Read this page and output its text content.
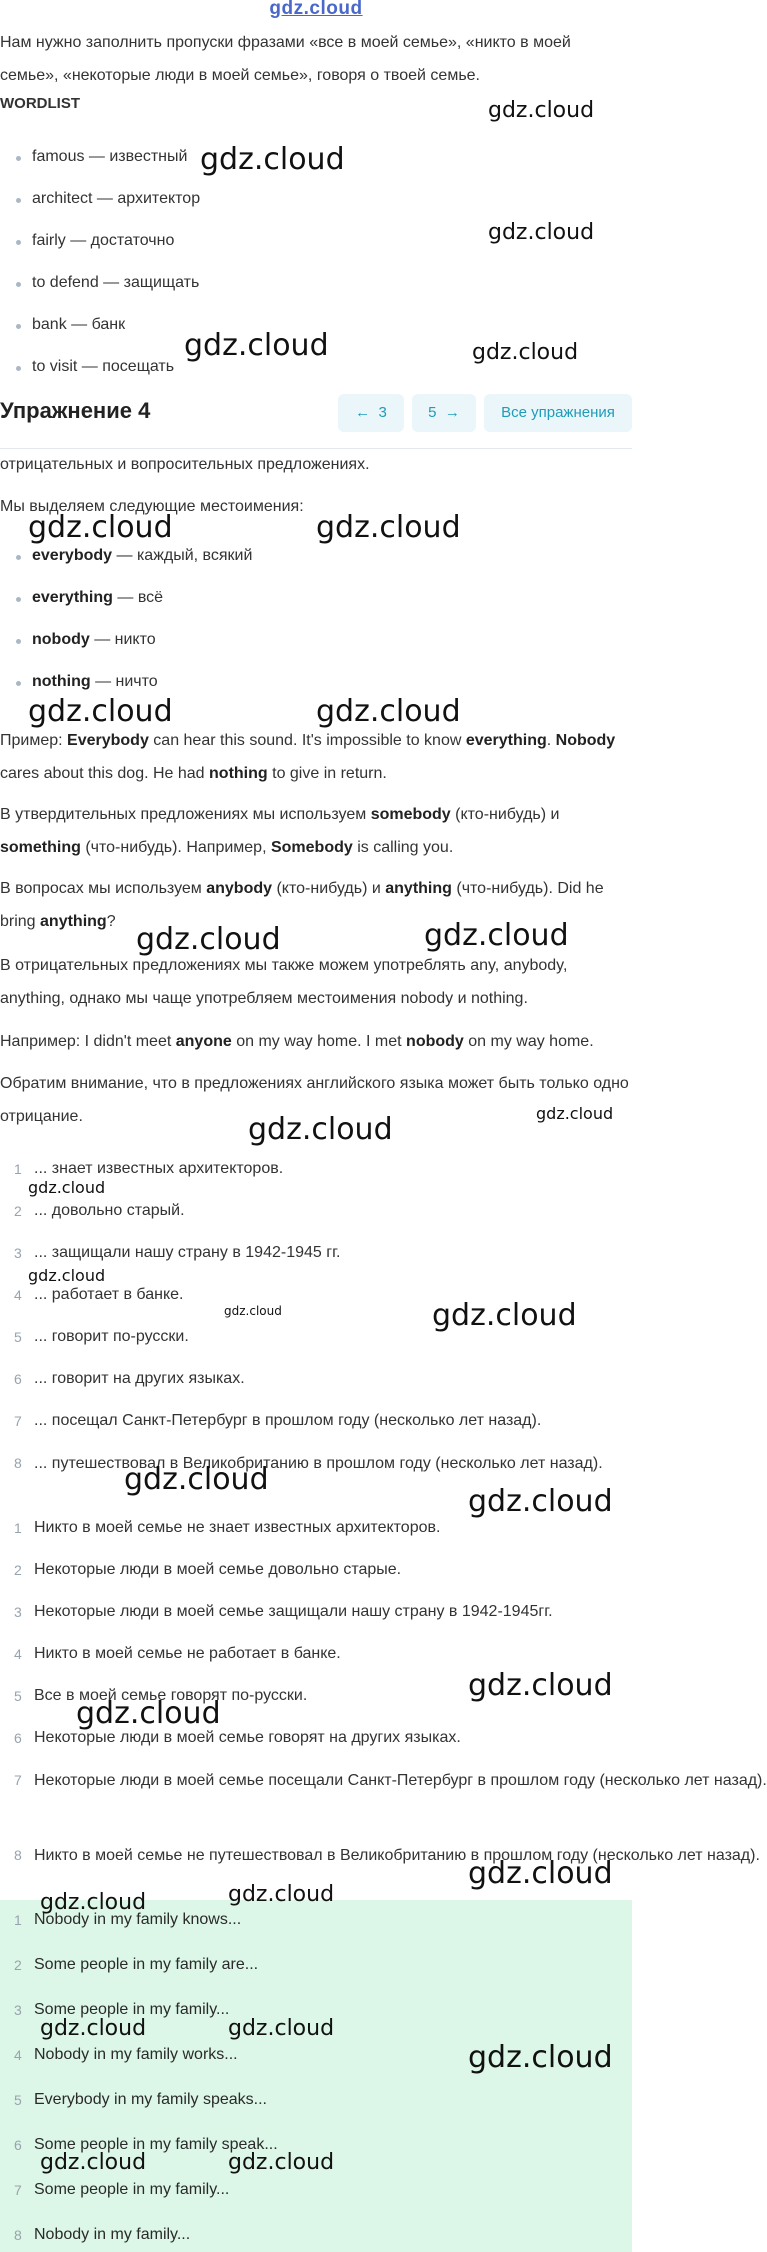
gdz.cloud

Нам нужно заполнить пропуски фразами «все в моей семье», «никто в моей семье», «некоторые люди в моей семье», говоря о твоей семье.

WORDLIST
famous — известный
architect — архитектор
fairly — достаточно
to defend — защищать
bank — банк
to visit — посещать
Упражнение 4	← 3	5 →	Все упражнения

отрицательных и вопросительных предложениях.

Мы выделяем следующие местоимения:

everybody — каждый, всякий
everything — всё
nobody — никто
nothing — ничто

Пример: Everybody can hear this sound. It's impossible to know everything. Nobody cares about this dog. He had nothing to give in return.

В утвердительных предложениях мы используем somebody (кто-нибудь) и something (что-нибудь). Например, Somebody is calling you.

В вопросах мы используем anybody (кто-нибудь) и anything (что-нибудь). Did he bring anything?

В отрицательных предложениях мы также можем употреблять any, anybody, anything, однако мы чаще употребляем местоимения nobody и nothing.

Например: I didn't meet anyone on my way home. I met nobody on my way home.

Обратим внимание, что в предложениях английского языка может быть только одно отрицание.

1 ... знает известных архитекторов.
2 ... довольно старый.
3 ... защищали нашу страну в 1942-1945 гг.
4 ... работает в банке.
5 ... говорит по-русски.
6 ... говорит на других языках.
7 ... посещал Санкт-Петербург в прошлом году (несколько лет назад).
8 ... путешествовал в Великобританию в прошлом году (несколько лет назад).

1 Никто в моей семье не знает известных архитекторов.
2 Некоторые люди в моей семье довольно старые.
3 Некоторые люди в моей семье защищали нашу страну в 1942-1945гг.
4 Никто в моей семье не работает в банке.
5 Все в моей семье говорят по-русски.
6 Некоторые люди в моей семье говорят на других языках.
7 Некоторые люди в моей семье посещали Санкт-Петербург в прошлом году (несколько лет назад).

8 Никто в моей семье не путешествовал в Великобританию в прошлом году (несколько лет назад).

1 Nobody in my family knows...
2 Some people in my family are...
3 Some people in my family...
4 Nobody in my family works...
5 Everybody in my family speaks...
6 Some people in my family speak...
7 Some people in my family...
8 Nobody in my family...
gdz.cloud
gdz.cloud
gdz.cloud
gdz.cloud	gdz.cloud
gdz.cloud	gdz.cloud
gdz.cloud	gdz.cloud
gdz.cloud	gdz.cloud
gdz.cloud
gdz.cloud
gdz.cloud
gdz.cloud
gdz.cloud	gdz.cloud
gdz.cloud
gdz.cloud
gdz.cloud
gdz.cloud
gdz.cloud
gdz.cloud
gdz.cloud
gdz.cloud	gdz.cloud
gdz.cloud
gdz.cloud	gdz.cloud
